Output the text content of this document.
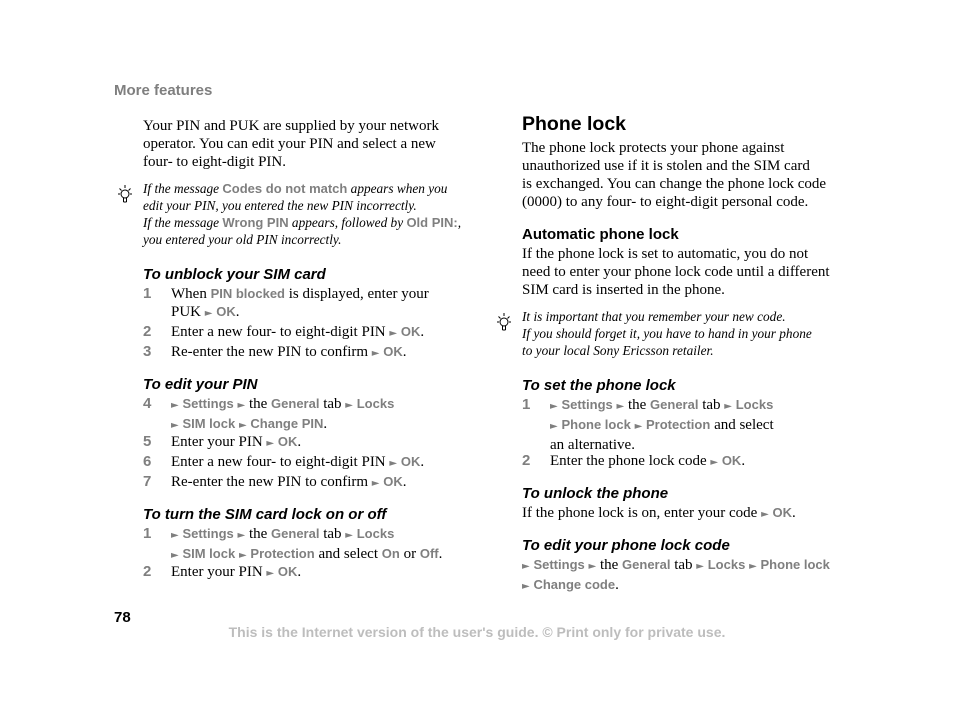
More features
Your PIN and PUK are supplied by your network
operator. You can edit your PIN and select a new
four- to eight-digit PIN.
If the message Codes do not match appears when you
edit your PIN, you entered the new PIN incorrectly.
If the message Wrong PIN appears, followed by Old PIN:,
you entered your old PIN incorrectly.
To unblock your SIM card
1	When PIN blocked is displayed, enter your
PUK ► OK.
2	Enter a new four- to eight-digit PIN ► OK.
3	Re-enter the new PIN to confirm ► OK.
To edit your PIN
4	► Settings ► the General tab ► Locks
► SIM lock ► Change PIN.
5	Enter your PIN ► OK.
6	Enter a new four- to eight-digit PIN ► OK.
7	Re-enter the new PIN to confirm ► OK.
To turn the SIM card lock on or off
1	► Settings ► the General tab ► Locks
► SIM lock ► Protection and select On or Off.
2	Enter your PIN ► OK.
Phone lock
The phone lock protects your phone against
unauthorized use if it is stolen and the SIM card
is exchanged. You can change the phone lock code
(0000) to any four- to eight-digit personal code.
Automatic phone lock
If the phone lock is set to automatic, you do not
need to enter your phone lock code until a different
SIM card is inserted in the phone.
It is important that you remember your new code.
If you should forget it, you have to hand in your phone
to your local Sony Ericsson retailer.
To set the phone lock
1	► Settings ► the General tab ► Locks
► Phone lock ► Protection and select
an alternative.
2	Enter the phone lock code ► OK.
To unlock the phone
If the phone lock is on, enter your code ► OK.
To edit your phone lock code
► Settings ► the General tab ► Locks ► Phone lock
► Change code.
78
This is the Internet version of the user's guide. © Print only for private use.
